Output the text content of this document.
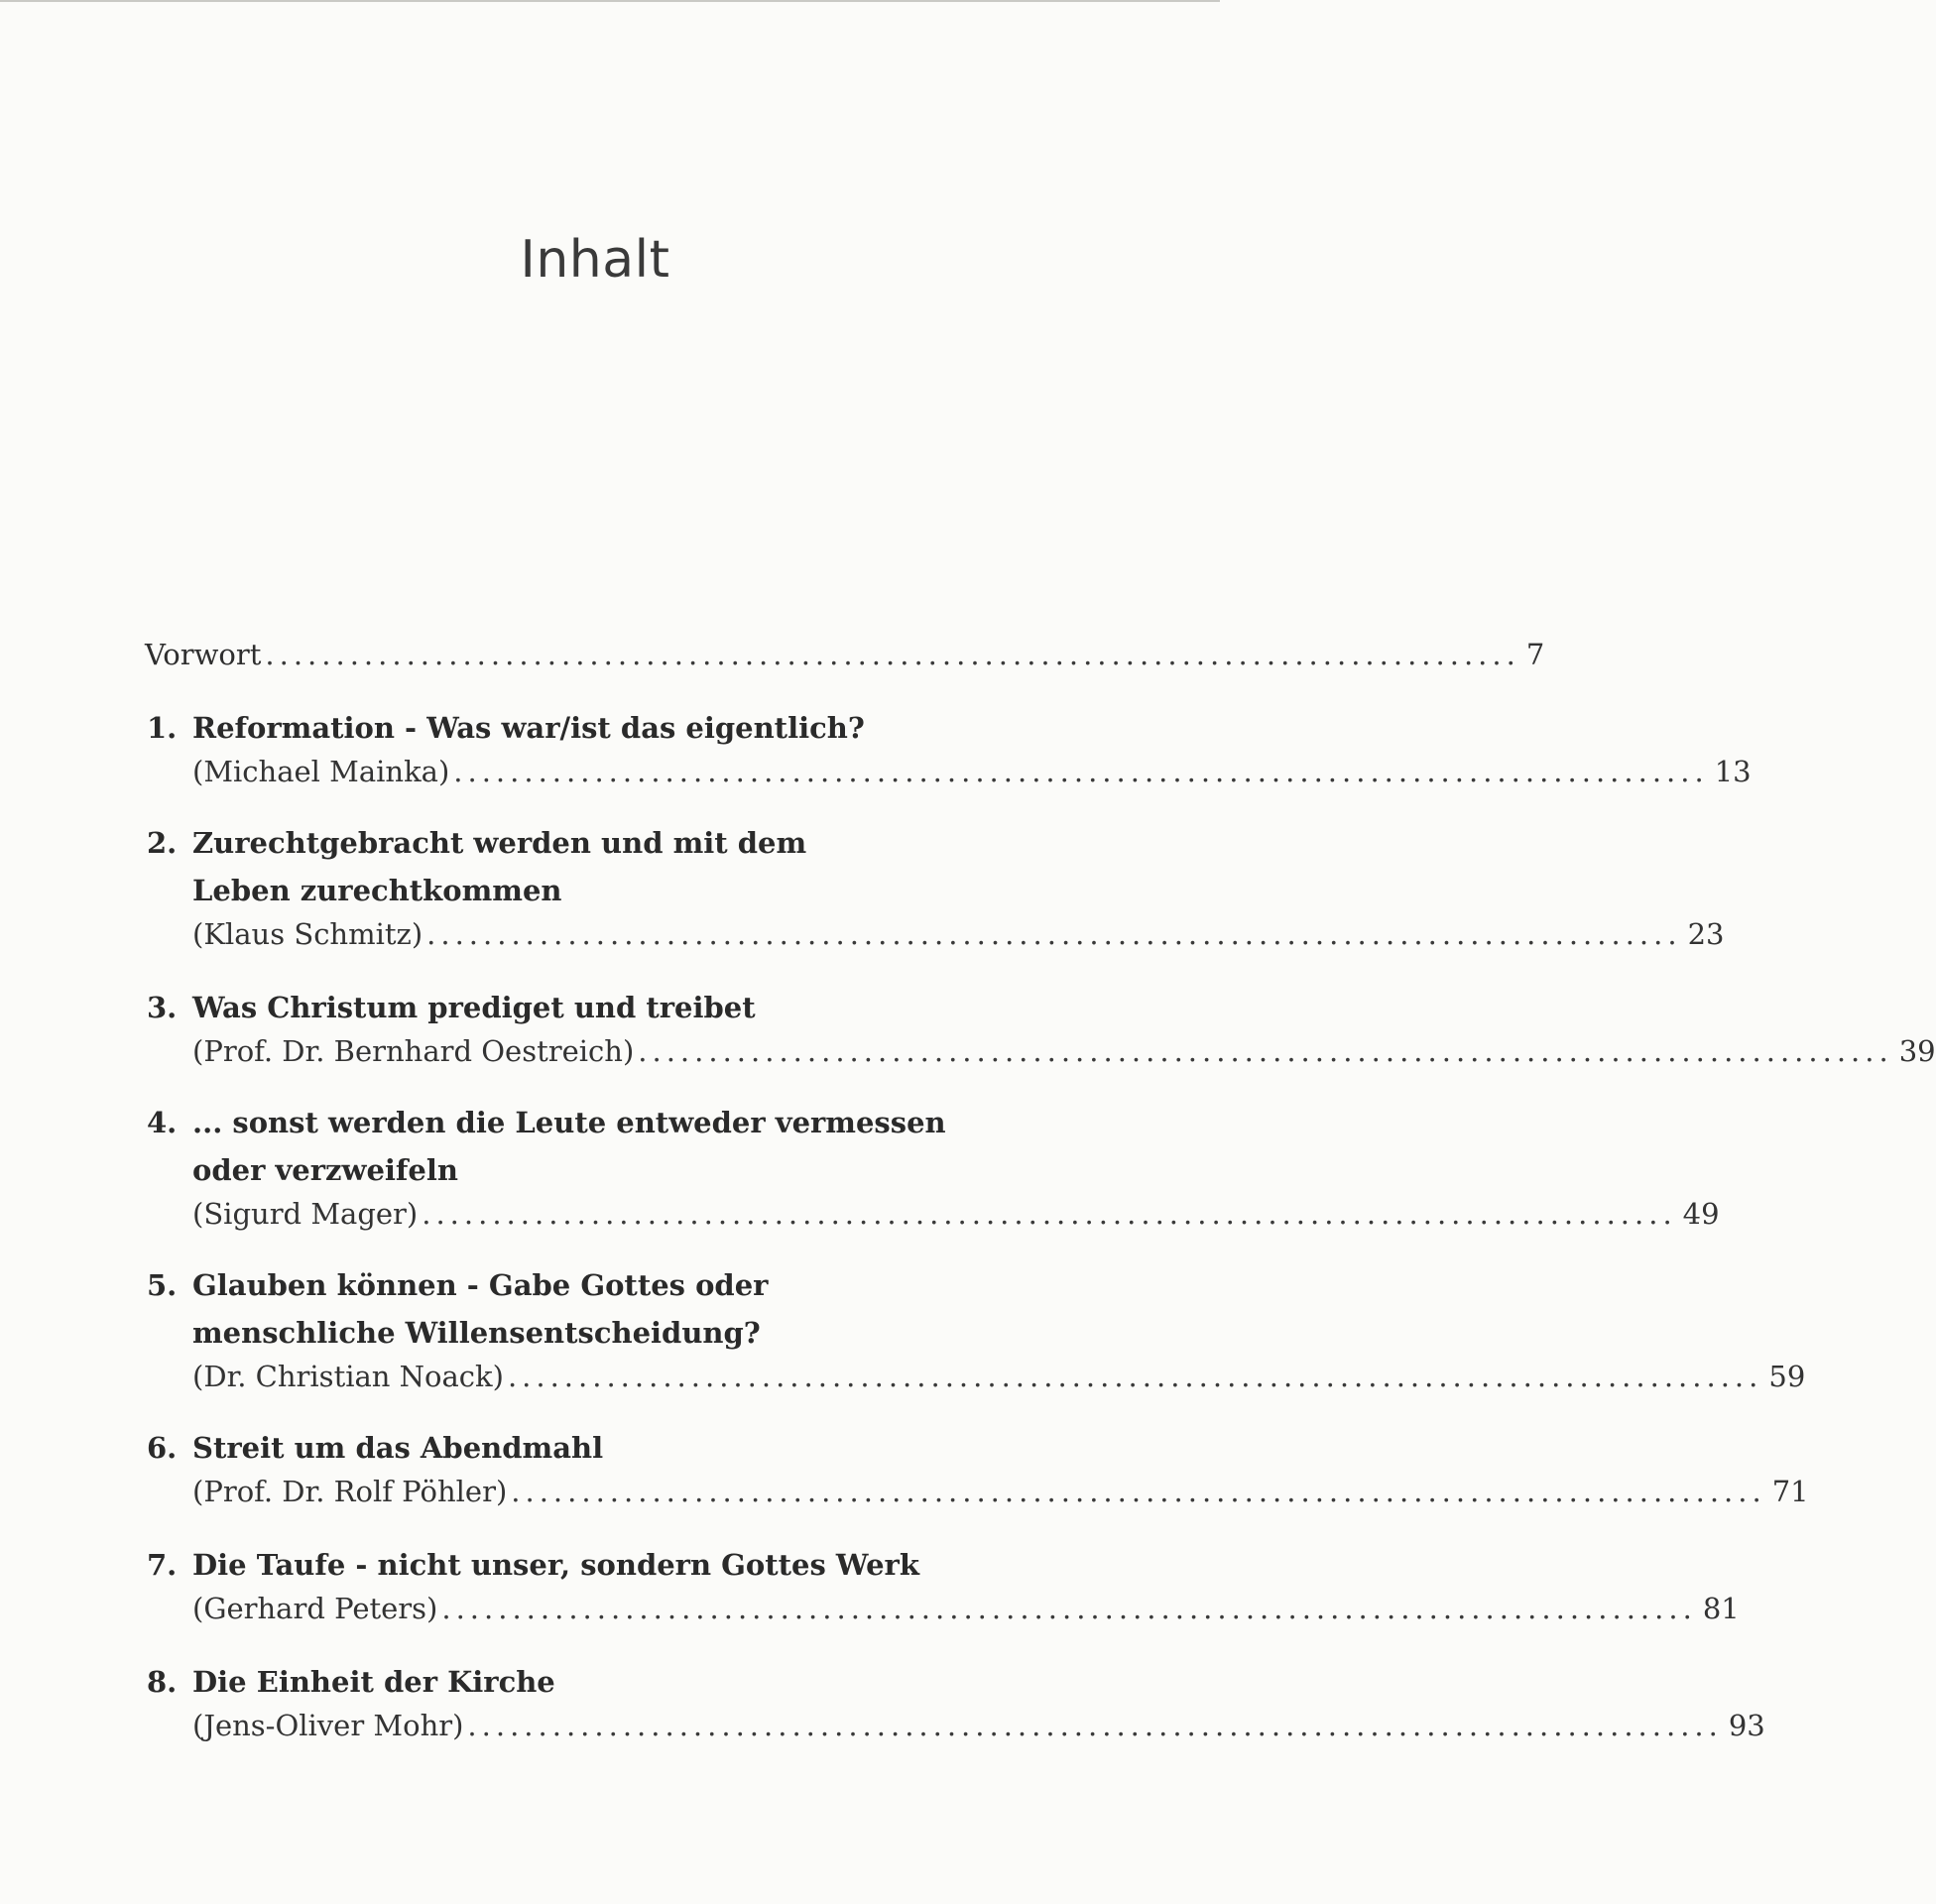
Inhalt
Vorwort ......................................................................................... 7
1. Reformation - Was war/ist das eigentlich?
(Michael Mainka) ......................................................................................... 13
2. Zurechtgebracht werden und mit dem Leben zurechtkommen
(Klaus Schmitz) ......................................................................................... 23
3. Was Christum prediget und treibet
(Prof. Dr. Bernhard Oestreich) ......................................................................................... 39
4. ... sonst werden die Leute entweder vermessen oder verzweifeln
(Sigurd Mager) ......................................................................................... 49
5. Glauben können - Gabe Gottes oder menschliche Willensentscheidung?
(Dr. Christian Noack) ......................................................................................... 59
6. Streit um das Abendmahl
(Prof. Dr. Rolf Pöhler) ......................................................................................... 71
7. Die Taufe - nicht unser, sondern Gottes Werk
(Gerhard Peters) ......................................................................................... 81
8. Die Einheit der Kirche
(Jens-Oliver Mohr) ......................................................................................... 93
